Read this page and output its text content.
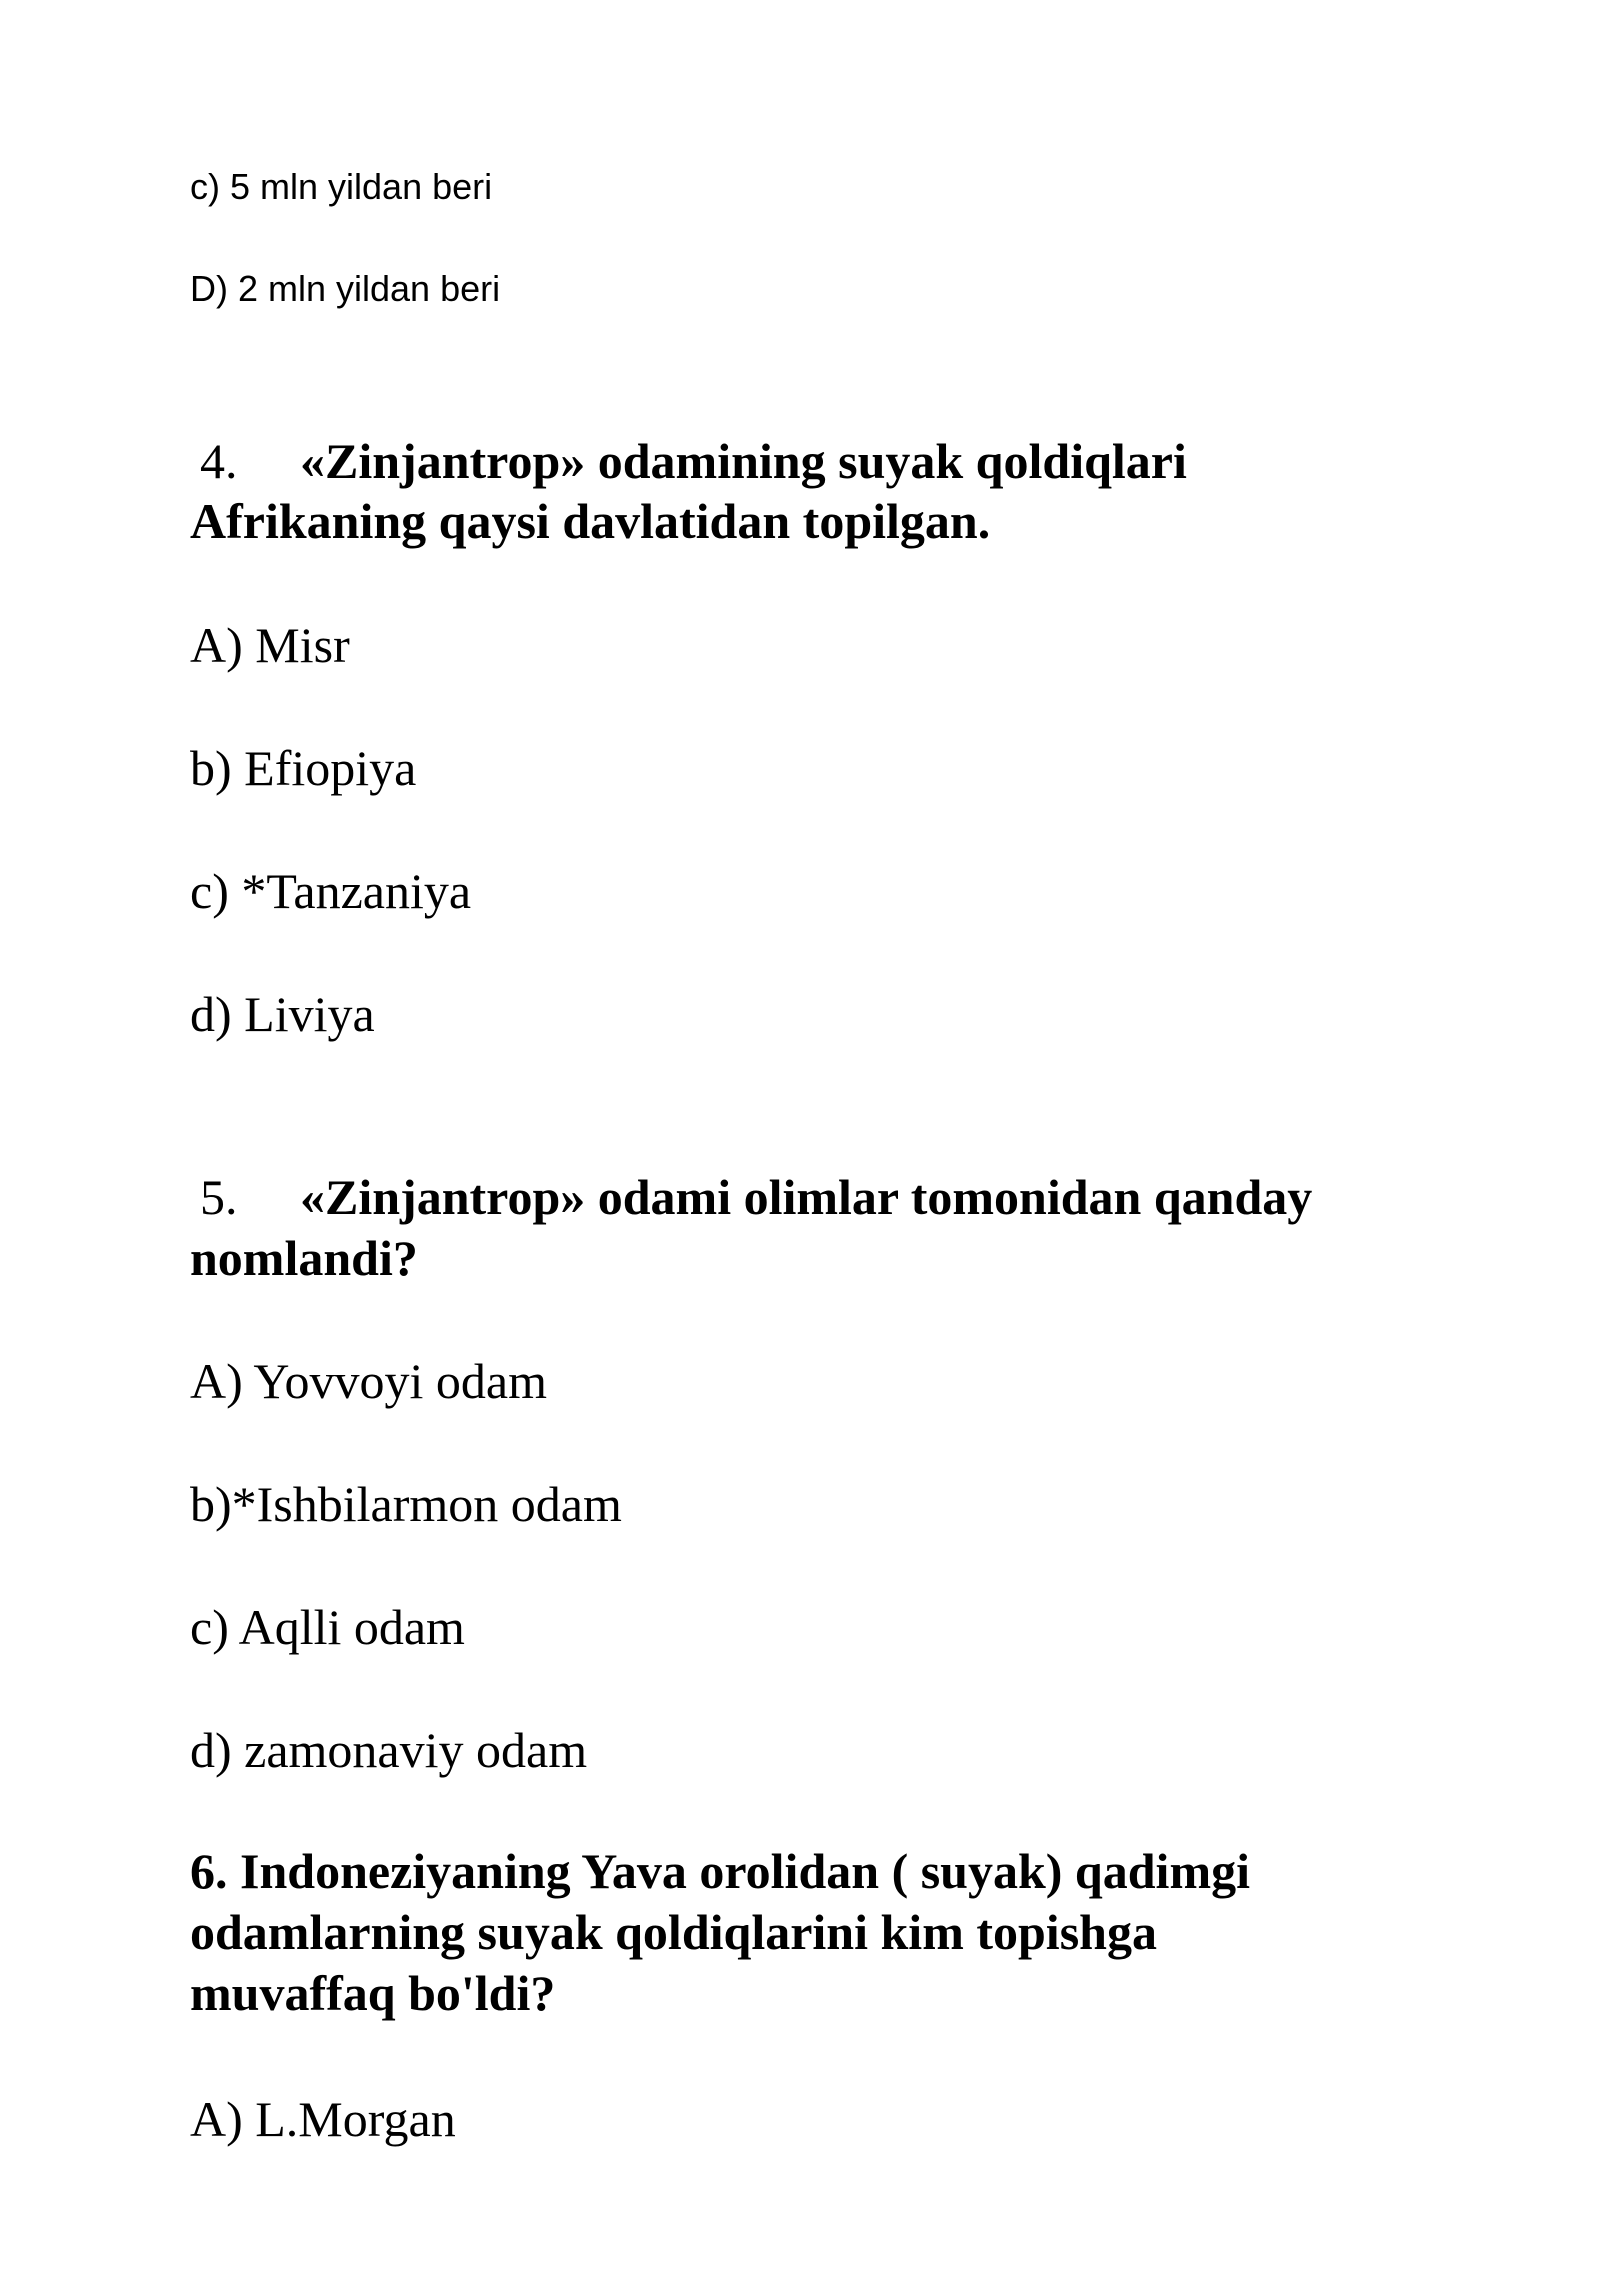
c) 5 mln yildan beri

D) 2 mln yildan beri

4. «Zinjantrop» odamining suyak qoldiqlari

Afrikaning qaysi davlatidan topilgan.

A) Misr

b) Efiopiya

c) *Tanzaniya

d) Liviya

5. «Zinjantrop» odami olimlar tomonidan qanday

nomlandi?

A) Yovvoyi odam

b)*Ishbilarmon odam

c) Aqlli odam

d) zamonaviy odam

6. Indoneziyaning Yava orolidan ( suyak) qadimgi

odamlarning suyak qoldiqlarini kim topishga

muvaffaq bo'ldi?

A) L.Morgan
